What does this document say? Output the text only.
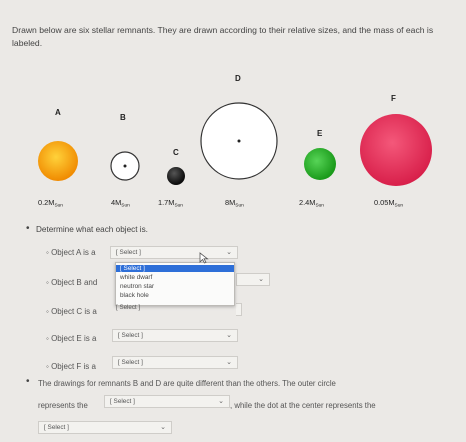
Drawn below are six stellar remnants. They are drawn according to their relative sizes, and the mass of each is labeled.
A
$0.2M_{Sun}$
B
$4M_{Sun}$
C
$1.7M_{Sun}$
D
$8M_{Sun}$
E
$2.4M_{Sun}$
F
$0.05M_{Sun}$
• Determine what each object is.
◦ Object A is a	[ Select ]	⌄
◦ Object B and	⌄
◦ Object C is a
[ Select ]
white dwarf
neutron star
black hole
[ Select ]
◦ Object E is a	[ Select ]	⌄
◦ Object F is a	[ Select ]	⌄
• The drawings for remnants B and D are quite different than the others. The outer circle
represents the	[ Select ]	⌄ , while the dot at the center represents the
[ Select ]	⌄
